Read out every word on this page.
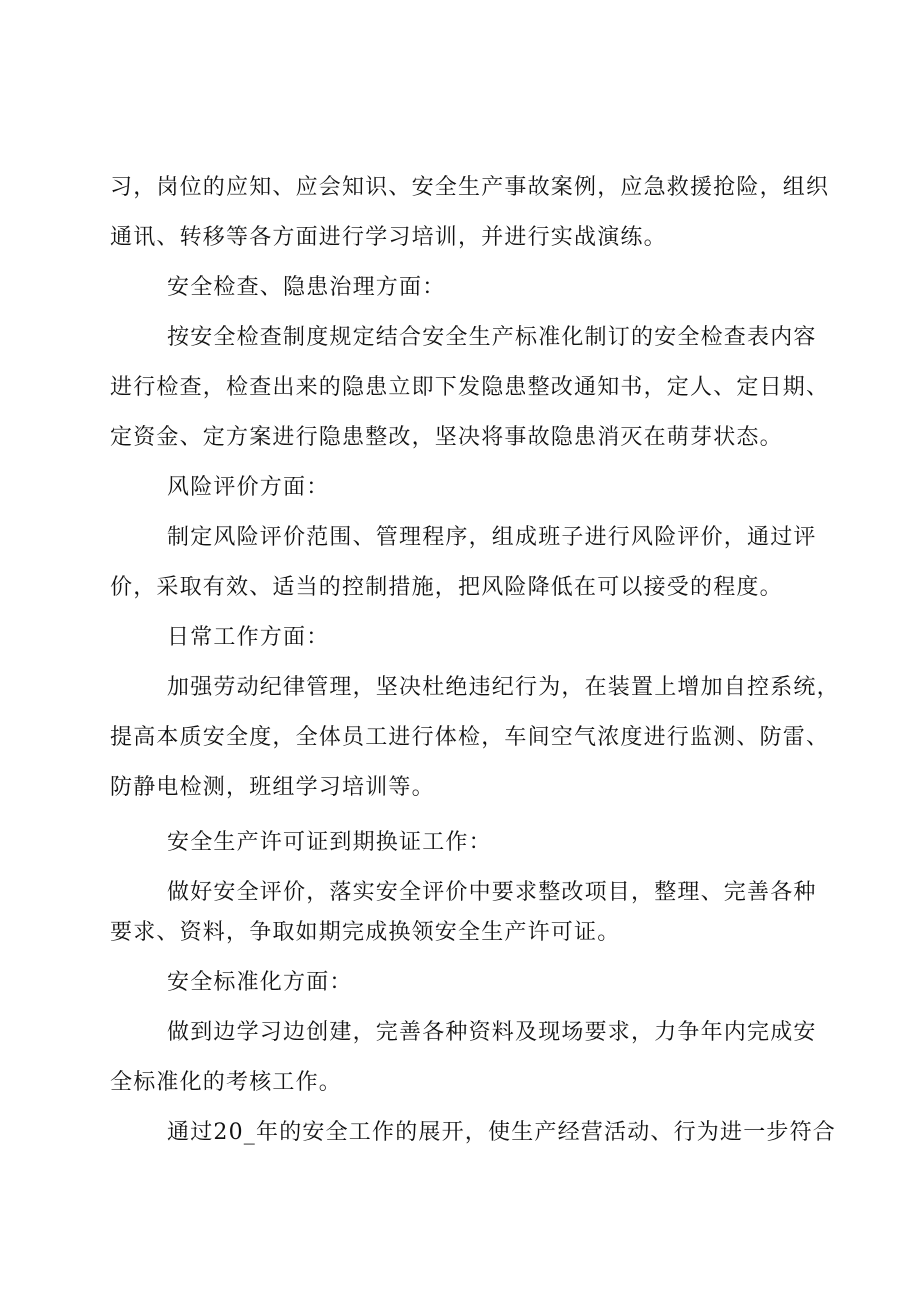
习，岗位的应知、应会知识、安全生产事故案例，应急救援抢险，组织
通讯、转移等各方面进行学习培训，并进行实战演练。
安全检查、隐患治理方面：
按安全检查制度规定结合安全生产标准化制订的安全检查表内容
进行检查，检查出来的隐患立即下发隐患整改通知书，定人、定日期、
定资金、定方案进行隐患整改，坚决将事故隐患消灭在萌芽状态。
风险评价方面：
制定风险评价范围、管理程序，组成班子进行风险评价，通过评
价，采取有效、适当的控制措施，把风险降低在可以接受的程度。
日常工作方面：
加强劳动纪律管理，坚决杜绝违纪行为，在装置上增加自控系统，
提高本质安全度，全体员工进行体检，车间空气浓度进行监测、防雷、
防静电检测，班组学习培训等。
安全生产许可证到期换证工作：
做好安全评价，落实安全评价中要求整改项目，整理、完善各种
要求、资料，争取如期完成换领安全生产许可证。
安全标准化方面：
做到边学习边创建，完善各种资料及现场要求，力争年内完成安
全标准化的考核工作。
通过20_年的安全工作的展开，使生产经营活动、行为进一步符合
